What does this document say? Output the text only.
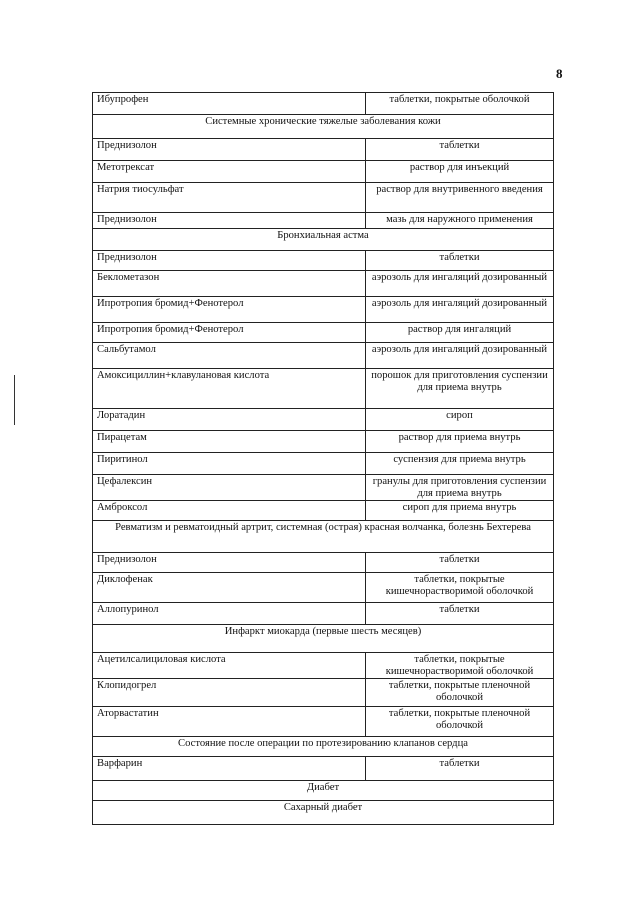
8
Ибупрофен	таблетки, покрытые оболочкой
Системные хронические тяжелые заболевания кожи	
Преднизолон	таблетки
Метотрексат	раствор для инъекций
Натрия тиосульфат	раствор для внутривенного введения
Преднизолон	мазь для наружного применения
Бронхиальная астма	
Преднизолон	таблетки
Беклометазон	аэрозоль для ингаляций дозированный
Ипротропия бромид+Фенотерол	аэрозоль для ингаляций дозированный
Ипротропия бромид+Фенотерол	раствор для ингаляций
Сальбутамол	аэрозоль для ингаляций дозированный
Амоксициллин+клавулановая кислота	порошок для приготовления суспензии для приема внутрь
Лоратадин	сироп
Пирацетам	раствор для приема внутрь
Пиритинол	суспензия для приема внутрь
Цефалексин	гранулы для приготовления суспензии для приема внутрь
Амброксол	сироп для приема внутрь
Ревматизм и ревматоидный артрит, системная (острая) красная волчанка, болезнь Бехтерева	
Преднизолон	таблетки
Диклофенак	таблетки, покрытые кишечнорастворимой оболочкой
Аллопуринол	таблетки
Инфаркт миокарда (первые шесть месяцев)	
Ацетилсалициловая кислота	таблетки, покрытые кишечнорастворимой оболочкой
Клопидогрел	таблетки, покрытые пленочной оболочкой
Аторвастатин	таблетки, покрытые пленочной оболочкой
Состояние после операции по протезированию клапанов сердца	
Варфарин	таблетки
Диабет	
Сахарный диабет	
